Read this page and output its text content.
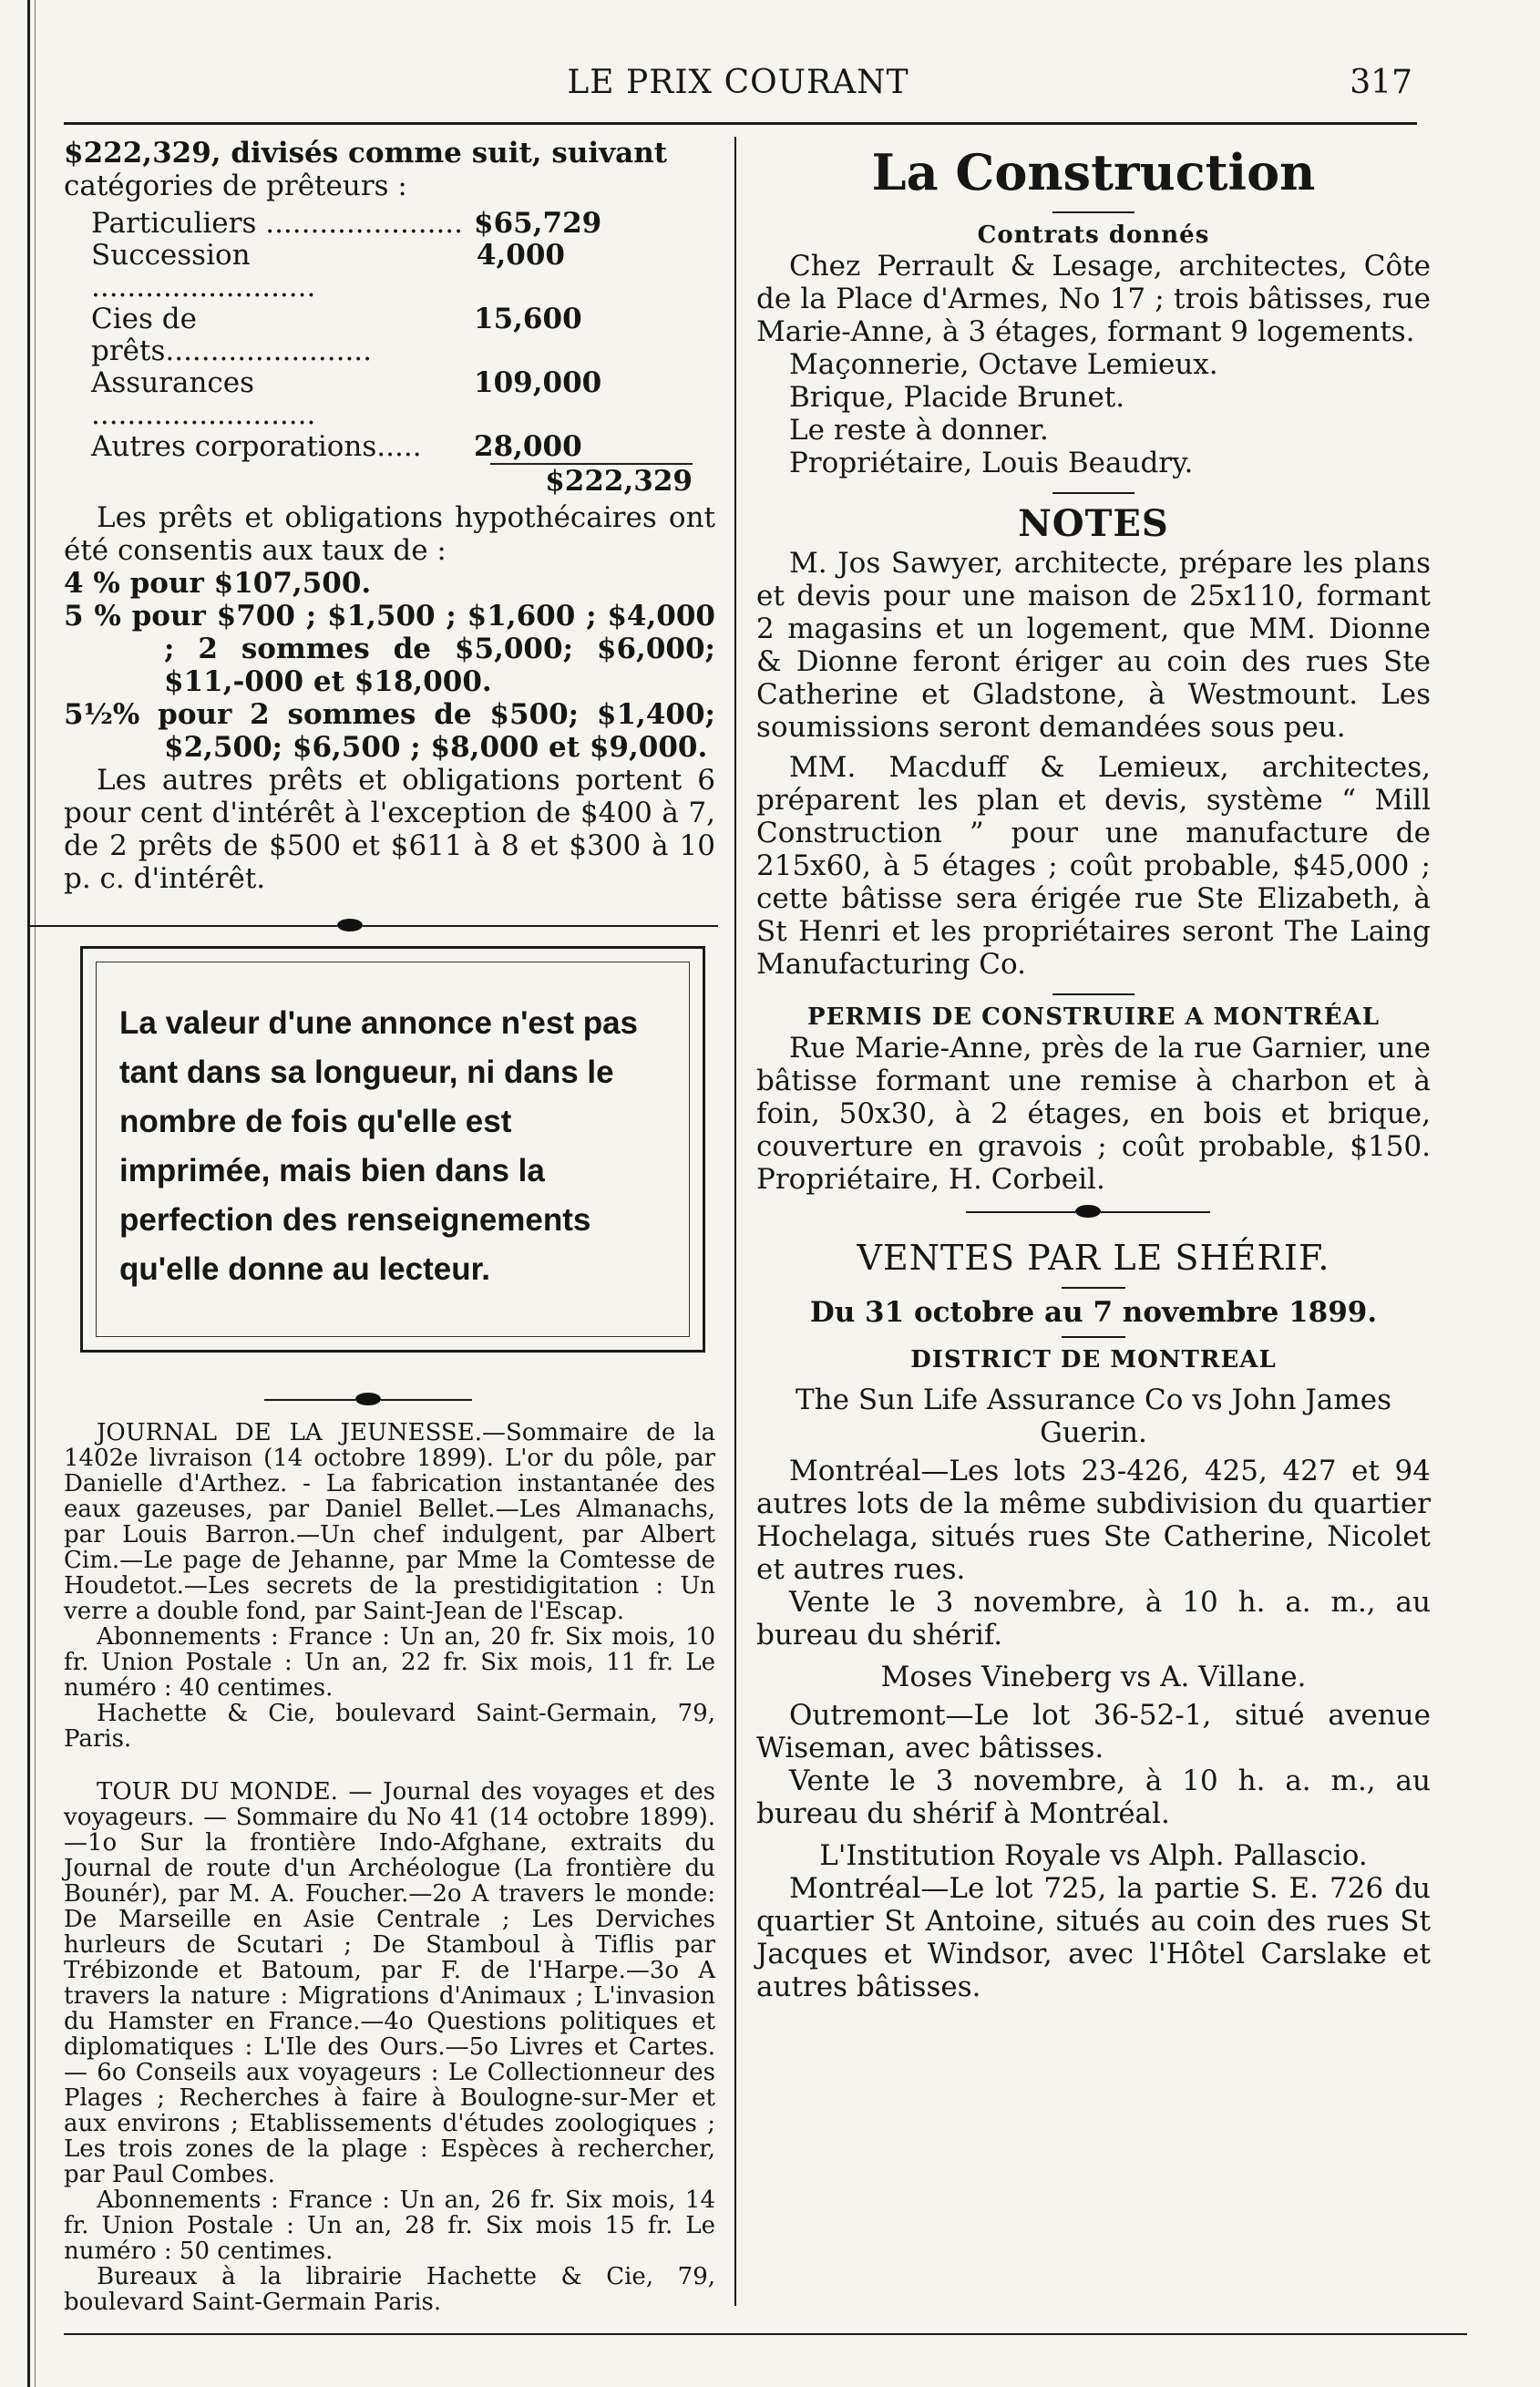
LE PRIX COURANT	317

$222,329, divisés comme suit, suivant

catégories de prêteurs :

Particuliers ...................... $65,729
Succession .........................
4,000
Cies de prêts.......................
15,600
Assurances .........................
109,000
Autres corporations.....	28,000
$222,329

Les prêts et obligations hypothécaires ont été consentis aux taux de :

4 % pour $107,500.

5 % pour $700 ; $1,500 ; $1,600 ; $4,000 ; 2 sommes de $5,000; $6,000; $11,-000 et $18,000.

5½% pour 2 sommes de $500; $1,400; $2,500; $6,500 ; $8,000 et $9,000.

Les autres prêts et obligations portent 6 pour cent d'intérêt à l'exception de $400 à 7, de 2 prêts de $500 et $611 à 8 et $300 à 10 p. c. d'intérêt.

La valeur d'une annonce n'est pas tant dans sa longueur, ni dans le nombre de fois qu'elle est imprimée, mais bien dans la perfection des renseignements qu'elle donne au lecteur.

JOURNAL DE LA JEUNESSE.—Sommaire de la 1402e livraison (14 octobre 1899). L'or du pôle, par Danielle d'Arthez. - La fabrication instantanée des eaux gazeuses, par Daniel Bellet.—Les Almanachs, par Louis Barron.—Un chef indulgent, par Albert Cim.—Le page de Jehanne, par Mme la Comtesse de Houdetot.—Les secrets de la prestidigitation : Un verre a double fond, par Saint-Jean de l'Escap.

Abonnements : France : Un an, 20 fr. Six mois, 10 fr. Union Postale : Un an, 22 fr. Six mois, 11 fr. Le numéro : 40 centimes.

Hachette & Cie, boulevard Saint-Germain, 79, Paris.

TOUR DU MONDE. — Journal des voyages et des voyageurs. — Sommaire du No 41 (14 octobre 1899).—1o Sur la frontière Indo-Afghane, extraits du Journal de route d'un Archéologue (La frontière du Bounér), par M. A. Foucher.—2o A travers le monde: De Marseille en Asie Centrale ; Les Derviches hurleurs de Scutari ; De Stamboul à Tiflis par Trébizonde et Batoum, par F. de l'Harpe.—3o A travers la nature : Migrations d'Animaux ; L'invasion du Hamster en France.—4o Questions politiques et diplomatiques : L'Ile des Ours.—5o Livres et Cartes. — 6o Conseils aux voyageurs : Le Collectionneur des Plages ; Recherches à faire à Boulogne-sur-Mer et aux environs ; Etablissements d'études zoologiques ; Les trois zones de la plage : Espèces à rechercher, par Paul Combes.

Abonnements : France : Un an, 26 fr. Six mois, 14 fr. Union Postale : Un an, 28 fr. Six mois 15 fr. Le numéro : 50 centimes.

Bureaux à la librairie Hachette & Cie, 79, boulevard Saint-Germain Paris.

La Construction
Contrats donnés

Chez Perrault & Lesage, architectes, Côte de la Place d'Armes, No 17 ; trois bâtisses, rue Marie-Anne, à 3 étages, formant 9 logements.

Maçonnerie, Octave Lemieux.

Brique, Placide Brunet.

Le reste à donner.

Propriétaire, Louis Beaudry.

NOTES

M. Jos Sawyer, architecte, prépare les plans et devis pour une maison de 25x110, formant 2 magasins et un logement, que MM. Dionne & Dionne feront ériger au coin des rues Ste Catherine et Gladstone, à Westmount. Les soumissions seront demandées sous peu.

MM. Macduff & Lemieux, architectes, préparent les plan et devis, système “ Mill Construction ” pour une manufacture de 215x60, à 5 étages ; coût probable, $45,000 ; cette bâtisse sera érigée rue Ste Elizabeth, à St Henri et les propriétaires seront The Laing Manufacturing Co.

PERMIS DE CONSTRUIRE A MONTRÉAL

Rue Marie-Anne, près de la rue Garnier, une bâtisse formant une remise à charbon et à foin, 50x30, à 2 étages, en bois et brique, couverture en gravois ; coût probable, $150. Propriétaire, H. Corbeil.

VENTES PAR LE SHÉRIF.

Du 31 octobre au 7 novembre 1899.

DISTRICT DE MONTREAL

The Sun Life Assurance Co vs John James Guerin.

Montréal—Les lots 23-426, 425, 427 et 94 autres lots de la même subdivision du quartier Hochelaga, situés rues Ste Catherine, Nicolet et autres rues.

Vente le 3 novembre, à 10 h. a. m., au bureau du shérif.

Moses Vineberg vs A. Villane.

Outremont—Le lot 36-52-1, situé avenue Wiseman, avec bâtisses.

Vente le 3 novembre, à 10 h. a. m., au bureau du shérif à Montréal.

L'Institution Royale vs Alph. Pallascio.

Montréal—Le lot 725, la partie S. E. 726 du quartier St Antoine, situés au coin des rues St Jacques et Windsor, avec l'Hôtel Carslake et autres bâtisses.
